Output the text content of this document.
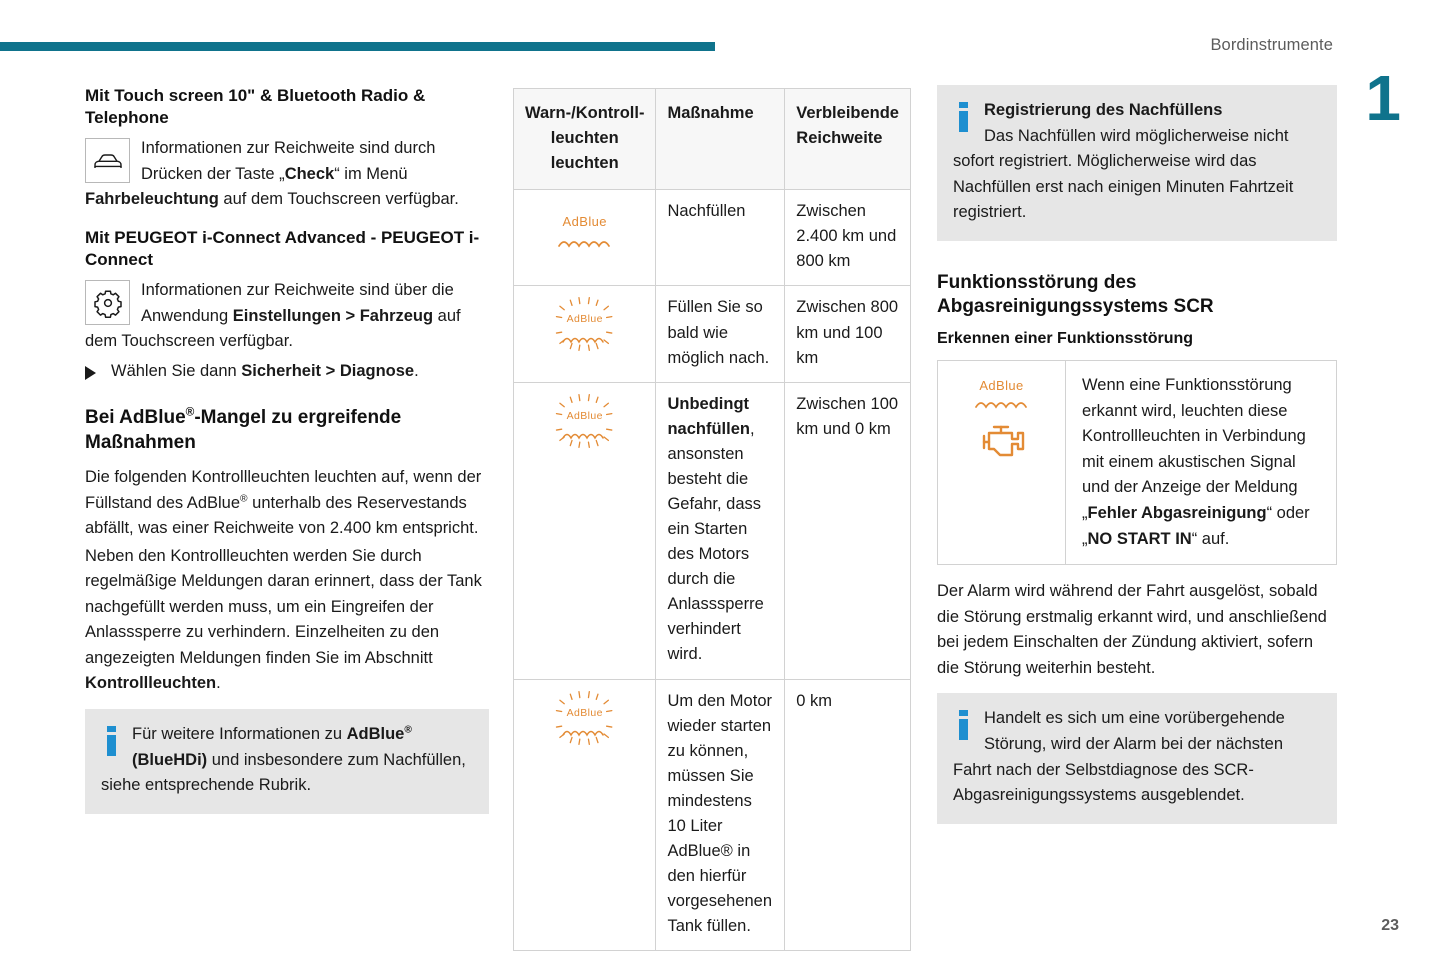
Bordinstrumente
1
23
Mit Touch screen 10" & Bluetooth Radio & Telephone
Informationen zur Reichweite sind durch Drücken der Taste „Check“ im Menü Fahrbeleuchtung auf dem Touchscreen verfügbar.
Mit PEUGEOT i-Connect Advanced - PEUGEOT i-Connect
Informationen zur Reichweite sind über die Anwendung Einstellungen > Fahrzeug auf dem Touchscreen verfügbar.
Wählen Sie dann Sicherheit > Diagnose.
Bei AdBlue®-Mangel zu ergreifende Maßnahmen

Die folgenden Kontrollleuchten leuchten auf, wenn der Füllstand des AdBlue® unterhalb des Reservestands abfällt, was einer Reichweite von 2.400 km entspricht.

Neben den Kontrollleuchten werden Sie durch regelmäßige Meldungen daran erinnert, dass der Tank nachgefüllt werden muss, um ein Eingreifen der Anlasssperre zu verhindern. Einzelheiten zu den angezeigten Meldungen finden Sie im Abschnitt Kontrollleuchten.

Für weitere Informationen zu AdBlue® (BlueHDi) und insbesondere zum Nachfüllen, siehe entsprechende Rubrik.
Warn-/Kontroll- leuchten leuchten	Maßnahme	Verbleibende Reichweite
AdBlue	Nachfüllen	Zwischen 2.400 km und 800 km

AdBlue	Füllen Sie so bald wie möglich nach.	Zwischen 800 km und 100 km

AdBlue	Unbedingt nachfüllen, ansonsten besteht die Gefahr, dass ein Starten des Motors durch die Anlasssperre verhindert wird.	Zwischen 100 km und 0 km

AdBlue	Um den Motor wieder starten zu können, müssen Sie mindestens 10 Liter AdBlue® in den hierfür vorgesehenen Tank füllen.	0 km
Registrierung des Nachfüllens
Das Nachfüllen wird möglicherweise nicht sofort registriert. Möglicherweise wird das Nachfüllen erst nach einigen Minuten Fahrtzeit registriert.
Funktionsstörung des Abgasreinigungssystems SCR
Erkennen einer Funktionsstörung
AdBlue	Wenn eine Funktionsstörung erkannt wird, leuchten diese Kontrollleuchten in Verbindung mit einem akustischen Signal und der Anzeige der Meldung „Fehler Abgasreinigung“ oder „NO START IN“ auf.

Der Alarm wird während der Fahrt ausgelöst, sobald die Störung erstmalig erkannt wird, und anschließend bei jedem Einschalten der Zündung aktiviert, sofern die Störung weiterhin besteht.

Handelt es sich um eine vorübergehende Störung, wird der Alarm bei der nächsten Fahrt nach der Selbstdiagnose des SCR-Abgasreinigungssystems ausgeblendet.
